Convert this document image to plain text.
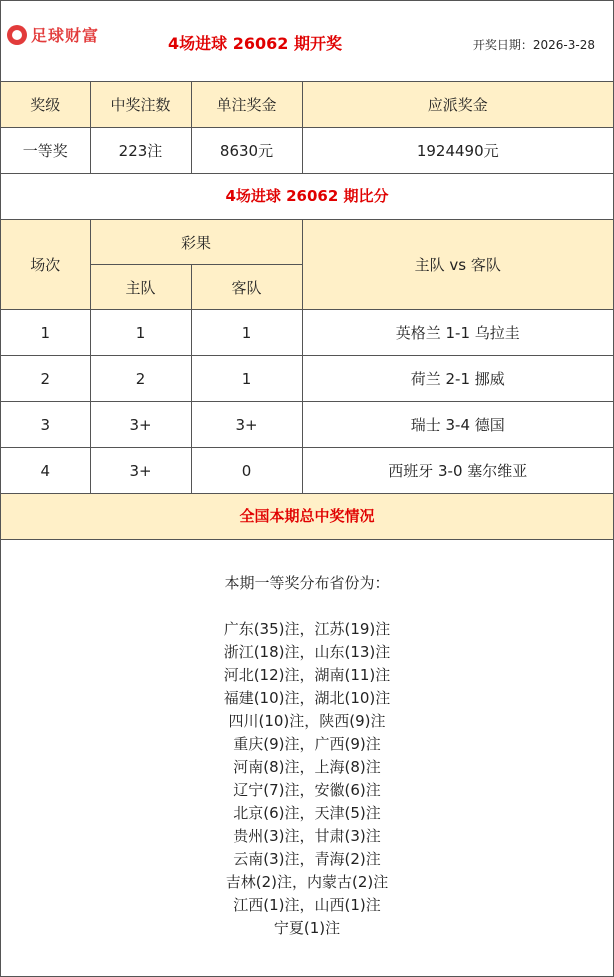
足球财富	4场进球 26062 期开奖	开奖日期：2026-3-28
奖级	中奖注数	单注奖金	应派奖金
一等奖	223注	8630元	1924490元
4场进球 26062 期比分
场次	彩果		主队 vs 客队
	主队	客队	
1	1	1	英格兰 1-1 乌拉圭
2	2	1	荷兰 2-1 挪威
3	3+	3+	瑞士 3-4 德国
4	3+	0	西班牙 3-0 塞尔维亚
全国本期总中奖情况
本期一等奖分布省份为：
广东(35)注，江苏(19)注
浙江(18)注，山东(13)注
河北(12)注，湖南(11)注
福建(10)注，湖北(10)注
四川(10)注，陕西(9)注
重庆(9)注，广西(9)注
河南(8)注，上海(8)注
辽宁(7)注，安徽(6)注
北京(6)注，天津(5)注
贵州(3)注，甘肃(3)注
云南(3)注，青海(2)注
吉林(2)注，内蒙古(2)注
江西(1)注，山西(1)注
宁夏(1)注
